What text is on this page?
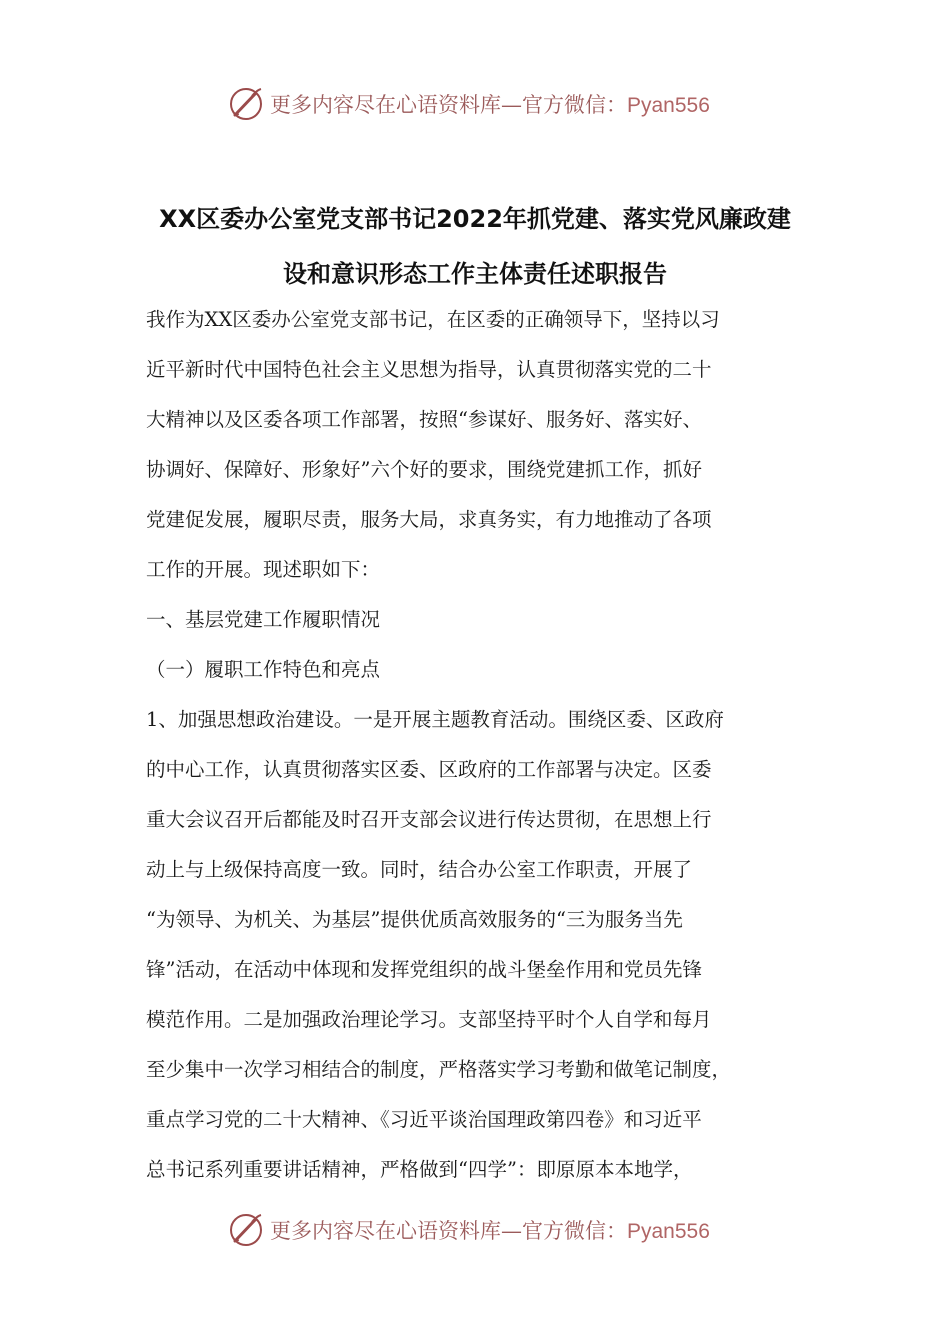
更多内容尽在心语资料库—官方微信：Pyan556
XX区委办公室党支部书记2022年抓党建、落实党风廉政建
设和意识形态工作主体责任述职报告

我作为XX区委办公室党支部书记，在区委的正确领导下，坚持以习

近平新时代中国特色社会主义思想为指导，认真贯彻落实党的二十

大精神以及区委各项工作部署，按照“参谋好、服务好、落实好、

协调好、保障好、形象好”六个好的要求，围绕党建抓工作，抓好

党建促发展，履职尽责，服务大局，求真务实，有力地推动了各项

工作的开展。现述职如下：

一、基层党建工作履职情况

（一）履职工作特色和亮点

1、加强思想政治建设。一是开展主题教育活动。围绕区委、区政府

的中心工作，认真贯彻落实区委、区政府的工作部署与决定。区委

重大会议召开后都能及时召开支部会议进行传达贯彻，在思想上行

动上与上级保持高度一致。同时，结合办公室工作职责，开展了

“为领导、为机关、为基层”提供优质高效服务的“三为服务当先

锋”活动，在活动中体现和发挥党组织的战斗堡垒作用和党员先锋

模范作用。二是加强政治理论学习。支部坚持平时个人自学和每月

至少集中一次学习相结合的制度，严格落实学习考勤和做笔记制度，

重点学习党的二十大精神、《习近平谈治国理政第四卷》和习近平

总书记系列重要讲话精神，严格做到“四学”：即原原本本地学，

更多内容尽在心语资料库—官方微信：Pyan556
